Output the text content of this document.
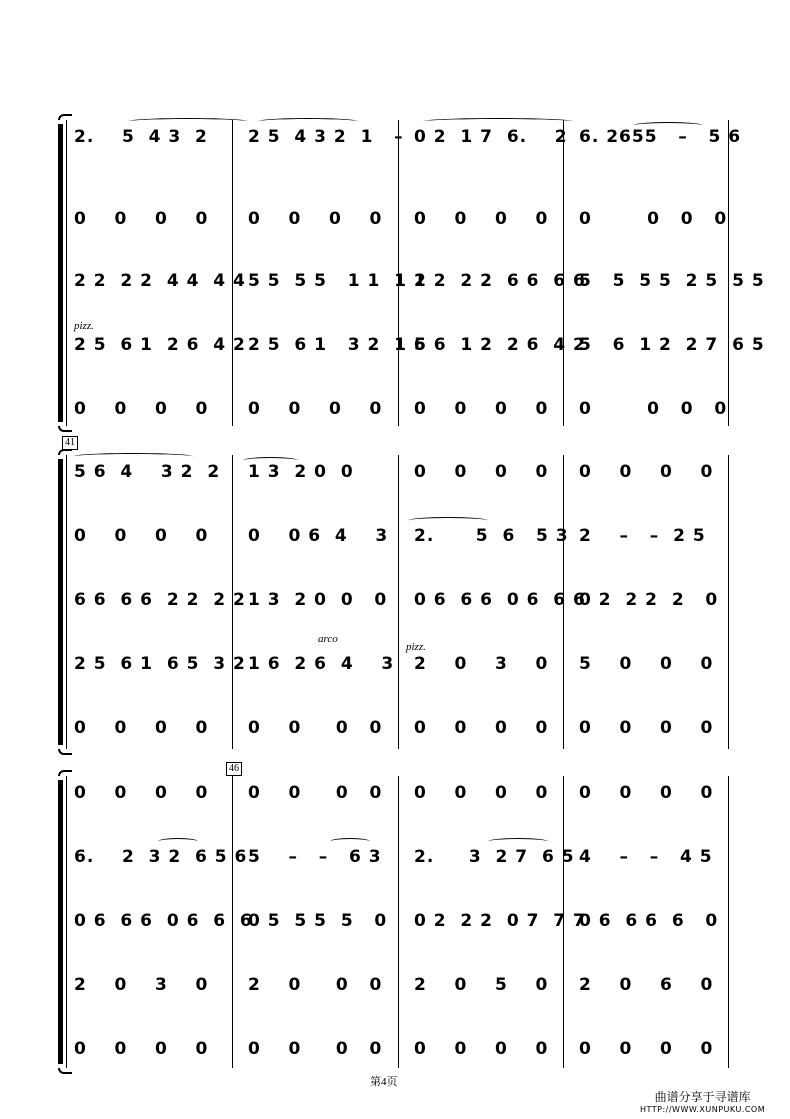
pizz.
2.    5  4 3  2 2 5  4 3 2  1   – 0 2  1 7  6.    2 6. 2655   –   5 6
0    0    0    0 0    0    0    0 0    0    0    0 0        0   0   0
2 2  2 2  4 4  4 4 5 5  5 5   1 1  1 1
2 2  2 2  6 6  6 6
5   5  5 5  2 5  5 5
2 5  6 1  2 6  4 2 2 5  6 1   3 2  1 6
5 6  1 2  2 6  4 2
5   6  1 2  2 7  6 5
0    0    0    0 0    0    0    0 0    0    0    0 0        0   0   0
41
arco
pizz.
5 6  4    3 2  2 1 3  2 0  0	0    0    0    0 0    0    0    0
0    0    0    0 0    0 6  4    3 2.      5  6   5 3 2    –   –  2 5
6 6  6 6  2 2  2 2 1 3  2 0  0   0 0 6  6 6  0 6  6 6
0 2  2 2  2   0
2 5  6 1  6 5  3 2 1 6  2 6  4    3 2    0    3    0 5    0    0    0
0    0    0    0 0    0     0   0 0    0    0    0 0    0    0    0
46
0    0    0    0 0    0     0   0 0    0    0    0 0    0    0    0
6.    2  3 2  6 5 6 5    –   –   6 3 2.     3  2 7  6 5 4    –   –   4 5
0 6  6 6  0 6  6  6
0 5  5 5  5   0 0 2  2 2  0 7  7 7
0 6  6 6  6   0
2    0    3    0 2    0     0   0 2    0    5    0 2    0    6    0
0    0    0    0 0    0     0   0 0    0    0    0 0    0    0    0
第4页
曲谱分享于寻谱库
HTTP://WWW.XUNPUKU.COM
